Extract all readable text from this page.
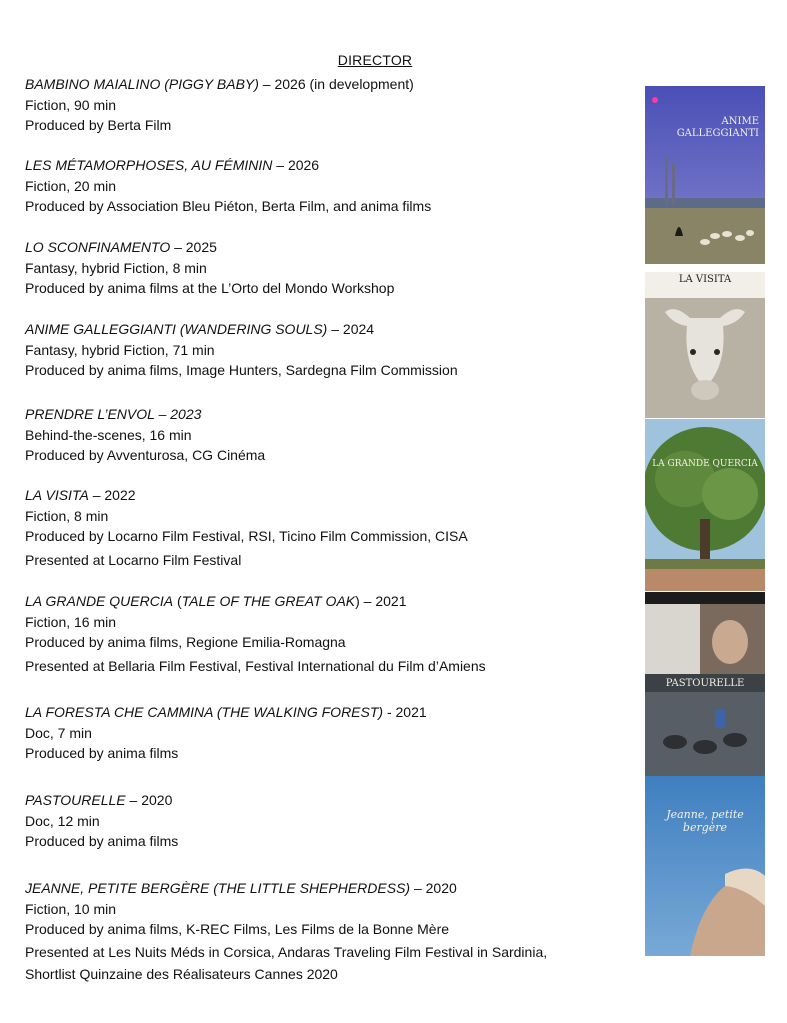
DIRECTOR
BAMBINO MAIALINO (PIGGY BABY) – 2026 (in development)
Fiction, 90 min
Produced by Berta Film
LES MÉTAMORPHOSES, AU FÉMININ – 2026
Fiction, 20 min
Produced by Association Bleu Piéton, Berta Film, and anima films
LO SCONFINAMENTO – 2025
Fantasy, hybrid Fiction, 8 min
Produced by anima films at the L’Orto del Mondo Workshop
ANIME GALLEGGIANTI (WANDERING SOULS) – 2024
Fantasy, hybrid Fiction, 71 min
Produced by anima films, Image Hunters, Sardegna Film Commission
PRENDRE L’ENVOL – 2023
Behind-the-scenes, 16 min
Produced by Avventurosa, CG Cinéma
LA VISITA – 2022
Fiction, 8 min
Produced by Locarno Film Festival, RSI, Ticino Film Commission, CISA
Presented at Locarno Film Festival
LA GRANDE QUERCIA (TALE OF THE GREAT OAK) – 2021
Fiction, 16 min
Produced by anima films, Regione Emilia-Romagna
Presented at Bellaria Film Festival, Festival International du Film d’Amiens
LA FORESTA CHE CAMMINA (THE WALKING FOREST) - 2021
Doc, 7 min
Produced by anima films
PASTOURELLE – 2020
Doc, 12 min
Produced by anima films
JEANNE, PETITE BERGÈRE (THE LITTLE SHEPHERDESS) – 2020
Fiction, 10 min
Produced by anima films, K-REC Films, Les Films de la Bonne Mère
Presented at Les Nuits Méds in Corsica, Andaras Traveling Film Festival in Sardinia,
Shortlist Quinzaine des Réalisateurs Cannes 2020
ANIME
GALLEGGIANTI
LA VISITA
LA GRANDE QUERCIA
PASTOURELLE
Jeanne, petite bergère
